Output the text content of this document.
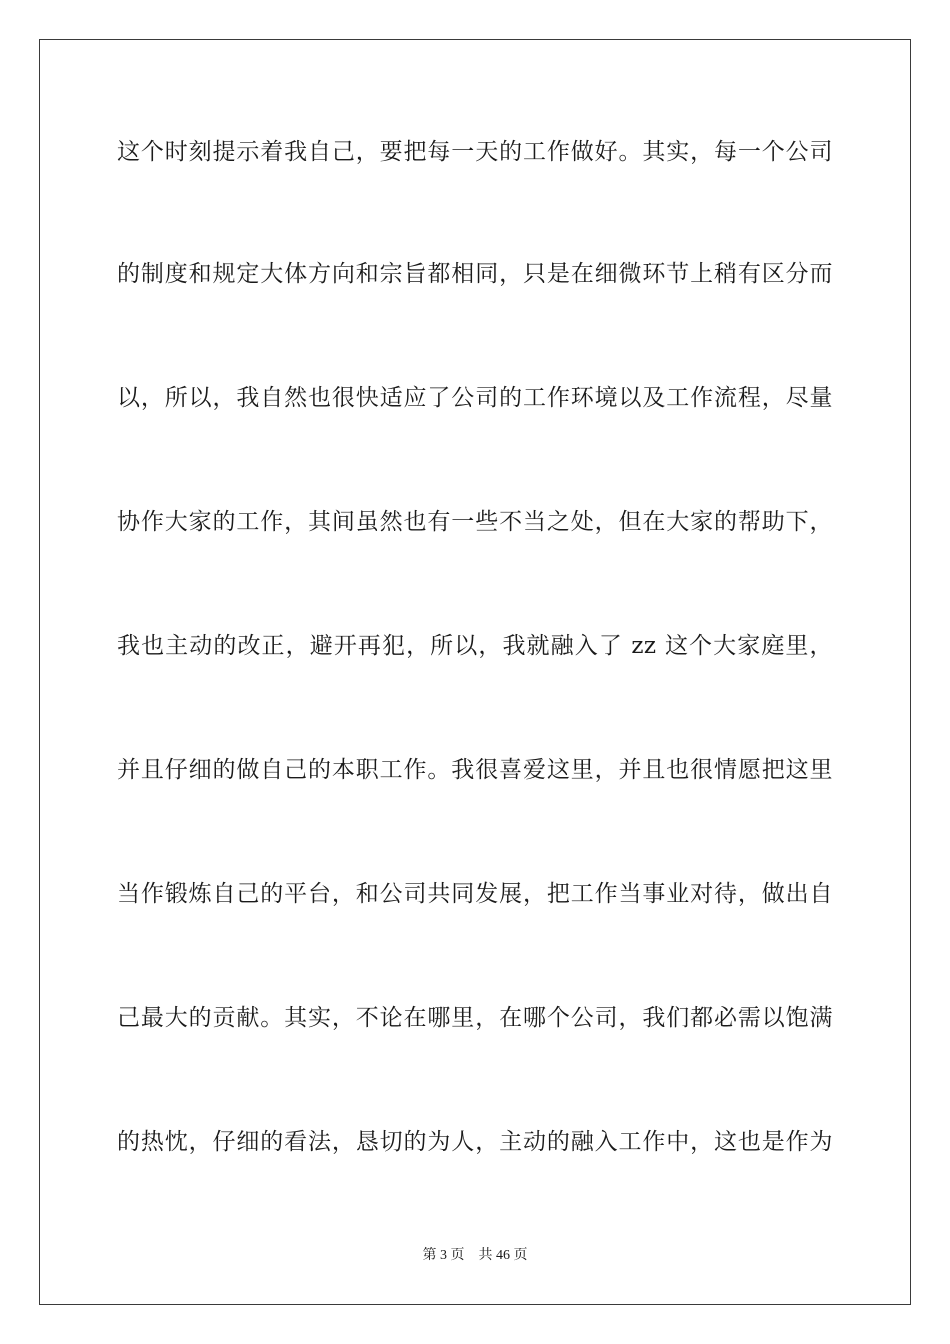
这个时刻提示着我自己，要把每一天的工作做好。其实，每一个公司
的制度和规定大体方向和宗旨都相同，只是在细微环节上稍有区分而
以，所以，我自然也很快适应了公司的工作环境以及工作流程，尽量
协作大家的工作，其间虽然也有一些不当之处，但在大家的帮助下，
我也主动的改正，避开再犯，所以，我就融入了 zz 这个大家庭里，
并且仔细的做自己的本职工作。我很喜爱这里，并且也很情愿把这里
当作锻炼自己的平台，和公司共同发展，把工作当事业对待，做出自
己最大的贡献。其实，不论在哪里，在哪个公司，我们都必需以饱满
的热忱，仔细的看法，恳切的为人，主动的融入工作中，这也是作为
第 3 页 共 46 页
